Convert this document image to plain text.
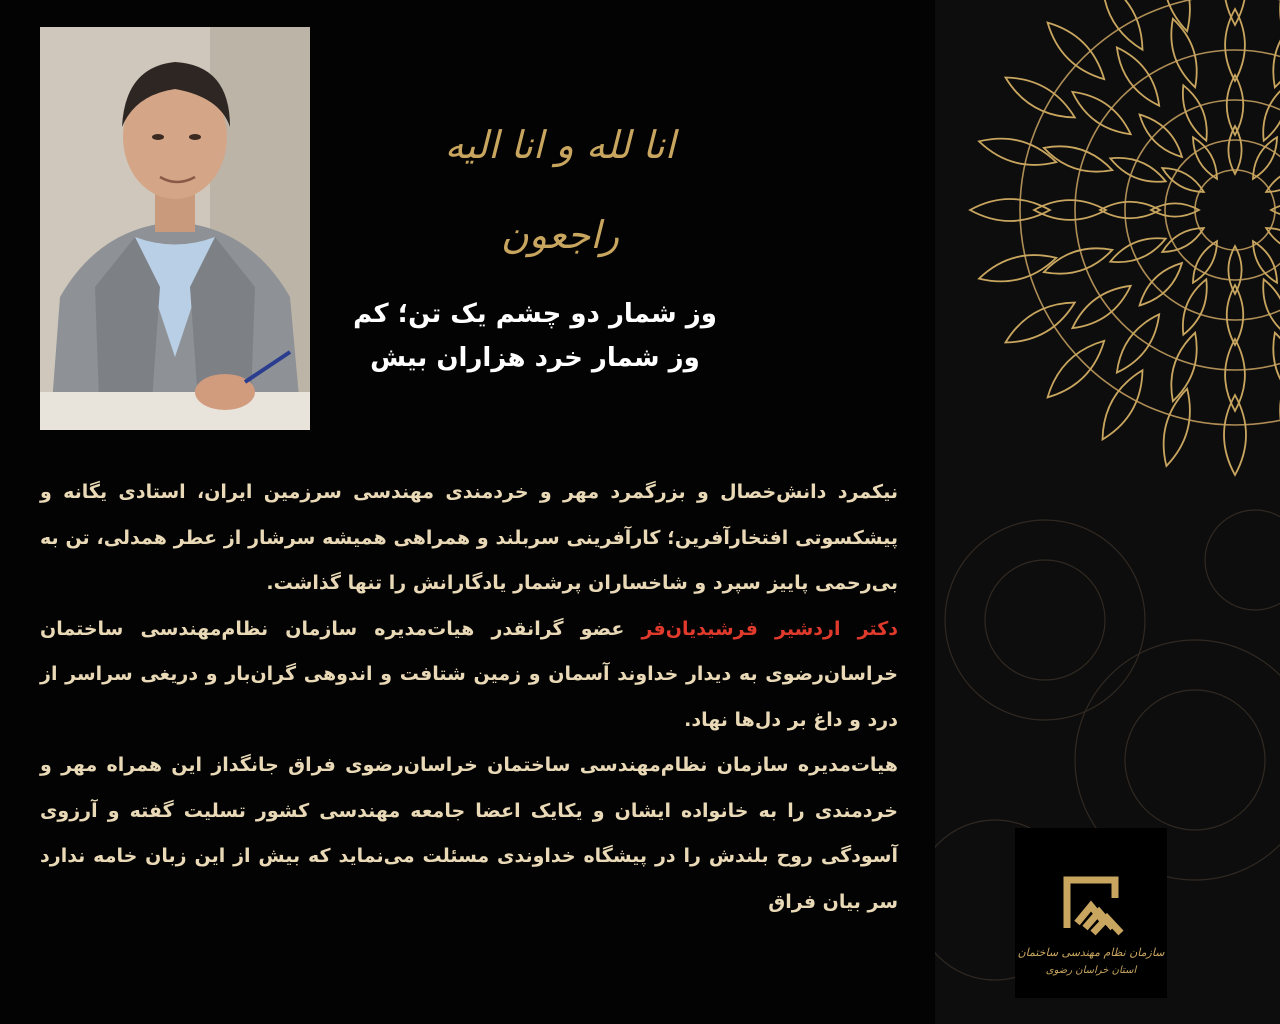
انا لله و انا الیه راجعون
وز شمار دو چشم یک تن؛ کم
وز شمار خرد هزاران بیش

نیکمرد دانش‌خصال و بزرگمرد مهر و خردمندی مهندسی سرزمین ایران، استادی یگانه و پیشکسوتی افتخارآفرین؛ کارآفرینی سربلند و همراهی همیشه سرشار از عطر همدلی، تن به بی‌رحمی پاییز سپرد و شاخساران پرشمار یادگارانش را تنها گذاشت.

دکتر اردشیر فرشیدیان‌فر عضو گرانقدر هیات‌مدیره سازمان نظام‌مهندسی ساختمان خراسان‌رضوی به دیدار خداوند آسمان و زمین شتافت و اندوهی گران‌بار و دریغی سراسر از درد و داغ بر دل‌ها نهاد.

هیات‌مدیره سازمان نظام‌مهندسی ساختمان خراسان‌رضوی فراق جانگداز این همراه مهر و خردمندی را به خانواده ایشان و یکایک اعضا جامعه مهندسی کشور تسلیت گفته و آرزوی آسودگی روح بلندش را در پیشگاه خداوندی مسئلت می‌نماید که بیش از این زبان خامه ندارد سر بیان فراق

سازمان نظام مهندسی ساختمان
استان خراسان رضوی
